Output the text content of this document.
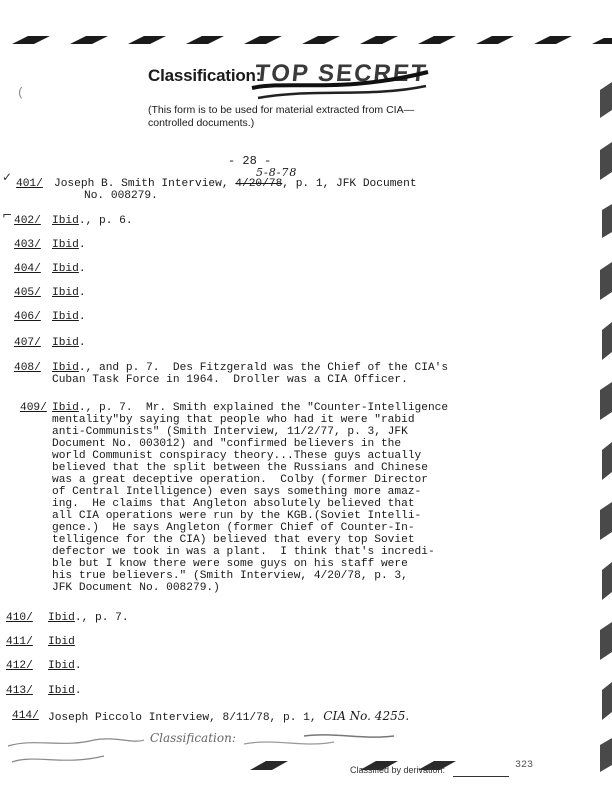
(
Classification:
TOP SECRET
(This form is to be used for material extracted from CIA—controlled documents.)
- 28 -
5-8-78
✓ 401/ Joseph B. Smith Interview, 4/20/78, p. 1, JFK Document
No. 008279.
⌐ 402/ Ibid., p. 6.
403/ Ibid.
404/ Ibid.
405/ Ibid.
406/ Ibid.
407/ Ibid.
408/ Ibid., and p. 7.  Des Fitzgerald was the Chief of the CIA's
Cuban Task Force in 1964.  Droller was a CIA Officer.
409/ Ibid., p. 7.  Mr. Smith explained the "Counter-Intelligence
mentality"by saying that people who had it were "rabid
anti-Communists" (Smith Interview, 11/2/77, p. 3, JFK
Document No. 003012) and "confirmed believers in the
world Communist conspiracy theory...These guys actually
believed that the split between the Russians and Chinese
was a great deceptive operation.  Colby (former Director
of Central Intelligence) even says something more amaz-
ing.  He claims that Angleton absolutely believed that
all CIA operations were run by the KGB.(Soviet Intelli-
gence.)  He says Angleton (former Chief of Counter-In-
telligence for the CIA) believed that every top Soviet
defector we took in was a plant.  I think that's incredi-
ble but I know there were some guys on his staff were
his true believers." (Smith Interview, 4/20/78, p. 3,
JFK Document No. 008279.)
410/ Ibid., p. 7.
411/ Ibid
412/ Ibid.
413/ Ibid.
414/ Joseph Piccolo Interview, 8/11/78, p. 1, CIA No. 4255.
Classification:
Classified by derivation:	323
